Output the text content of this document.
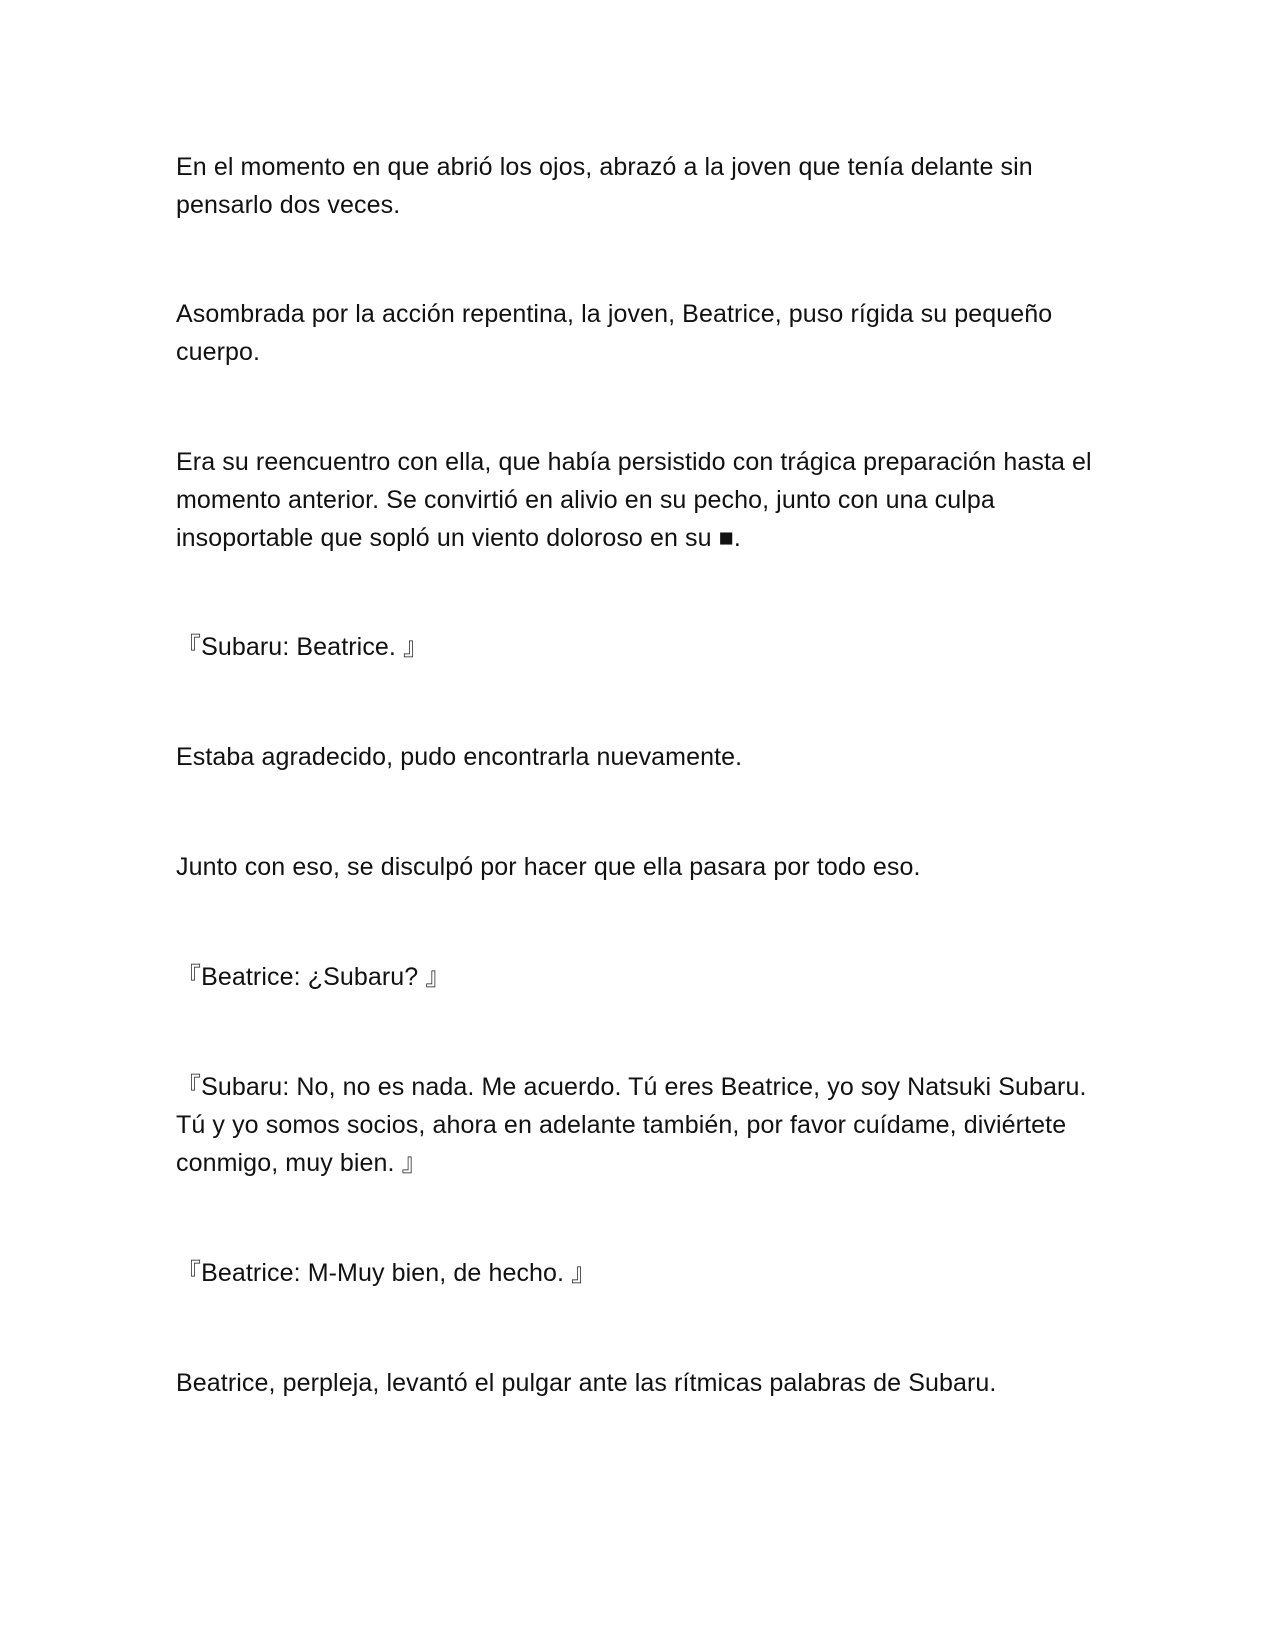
En el momento en que abrió los ojos, abrazó a la joven que tenía delante sin pensarlo dos veces.

Asombrada por la acción repentina, la joven, Beatrice, puso rígida su pequeño cuerpo.

Era su reencuentro con ella, que había persistido con trágica preparación hasta el momento anterior. Se convirtió en alivio en su pecho, junto con una culpa insoportable que sopló un viento doloroso en su ■.

『Subaru: Beatrice. 』

Estaba agradecido, pudo encontrarla nuevamente.

Junto con eso, se disculpó por hacer que ella pasara por todo eso.

『Beatrice: ¿Subaru? 』

『Subaru: No, no es nada. Me acuerdo. Tú eres Beatrice, yo soy Natsuki Subaru. Tú y yo somos socios, ahora en adelante también, por favor cuídame, diviértete conmigo, muy bien. 』

『Beatrice: M-Muy bien, de hecho. 』

Beatrice, perpleja, levantó el pulgar ante las rítmicas palabras de Subaru.
